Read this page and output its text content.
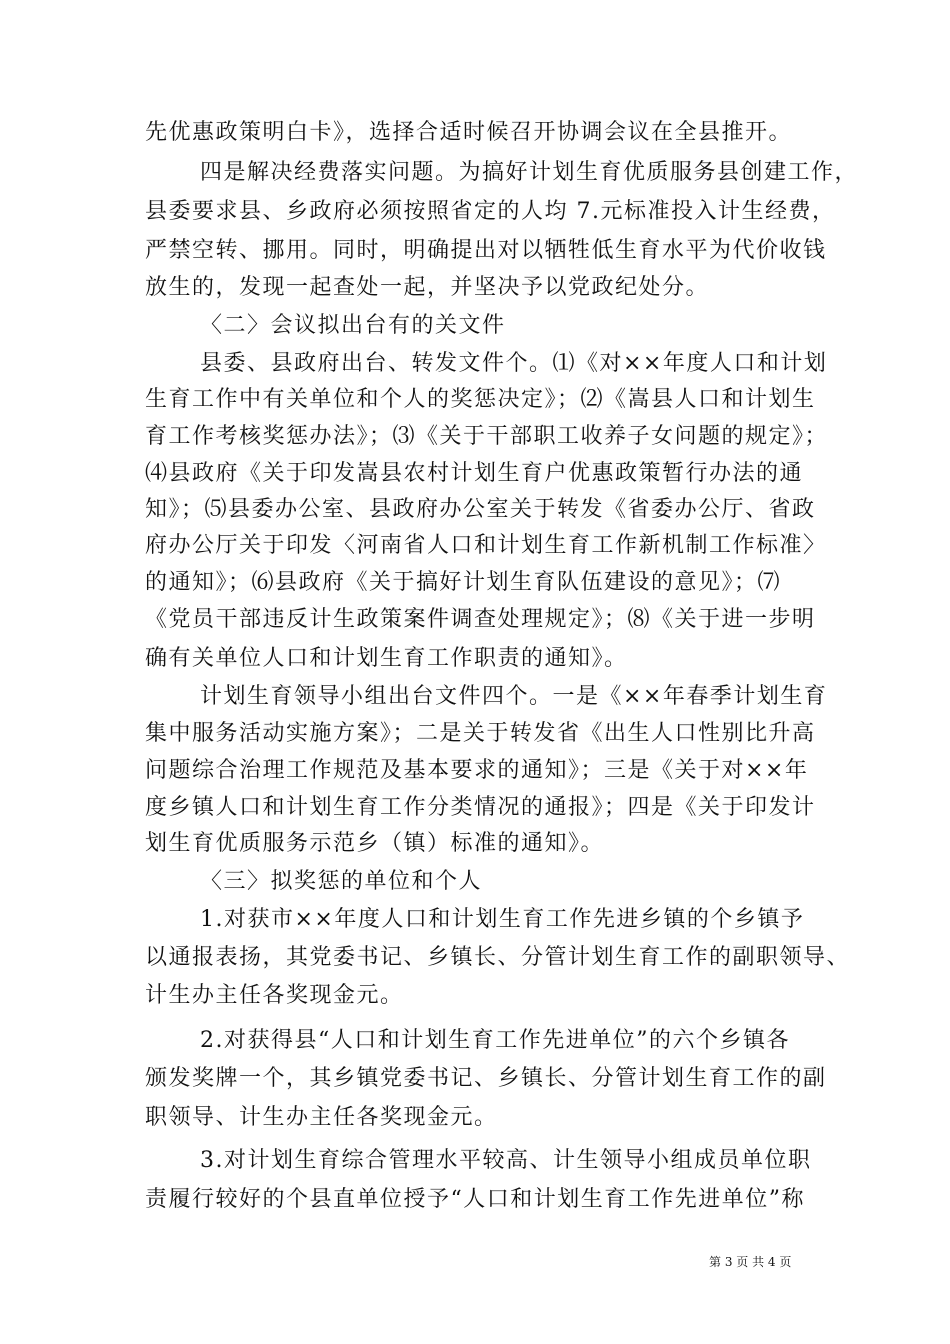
先优惠政策明白卡》，选择合适时候召开协调会议在全县推开。
四是解决经费落实问题。为搞好计划生育优质服务县创建工作，
县委要求县、乡政府必须按照省定的人均 7.元标准投入计生经费，
严禁空转、挪用。同时，明确提出对以牺牲低生育水平为代价收钱
放生的，发现一起查处一起，并坚决予以党政纪处分。
〈二〉会议拟出台有的关文件
县委、县政府出台、转发文件个。⑴《对××年度人口和计划
生育工作中有关单位和个人的奖惩决定》；⑵《嵩县人口和计划生
育工作考核奖惩办法》；⑶《关于干部职工收养子女问题的规定》；
⑷县政府《关于印发嵩县农村计划生育户优惠政策暂行办法的通
知》；⑸县委办公室、县政府办公室关于转发《省委办公厅、省政
府办公厅关于印发〈河南省人口和计划生育工作新机制工作标准〉
的通知》；⑹县政府《关于搞好计划生育队伍建设的意见》；⑺
《党员干部违反计生政策案件调查处理规定》；⑻《关于进一步明
确有关单位人口和计划生育工作职责的通知》。
计划生育领导小组出台文件四个。一是《××年春季计划生育
集中服务活动实施方案》；二是关于转发省《出生人口性别比升高
问题综合治理工作规范及基本要求的通知》；三是《关于对××年
度乡镇人口和计划生育工作分类情况的通报》；四是《关于印发计
划生育优质服务示范乡（镇）标准的通知》。
〈三〉拟奖惩的单位和个人
1.对获市××年度人口和计划生育工作先进乡镇的个乡镇予
以通报表扬，其党委书记、乡镇长、分管计划生育工作的副职领导、
计生办主任各奖现金元。
2.对获得县“人口和计划生育工作先进单位”的六个乡镇各
颁发奖牌一个，其乡镇党委书记、乡镇长、分管计划生育工作的副
职领导、计生办主任各奖现金元。
3.对计划生育综合管理水平较高、计生领导小组成员单位职
责履行较好的个县直单位授予“人口和计划生育工作先进单位”称
第 3 页 共 4 页
